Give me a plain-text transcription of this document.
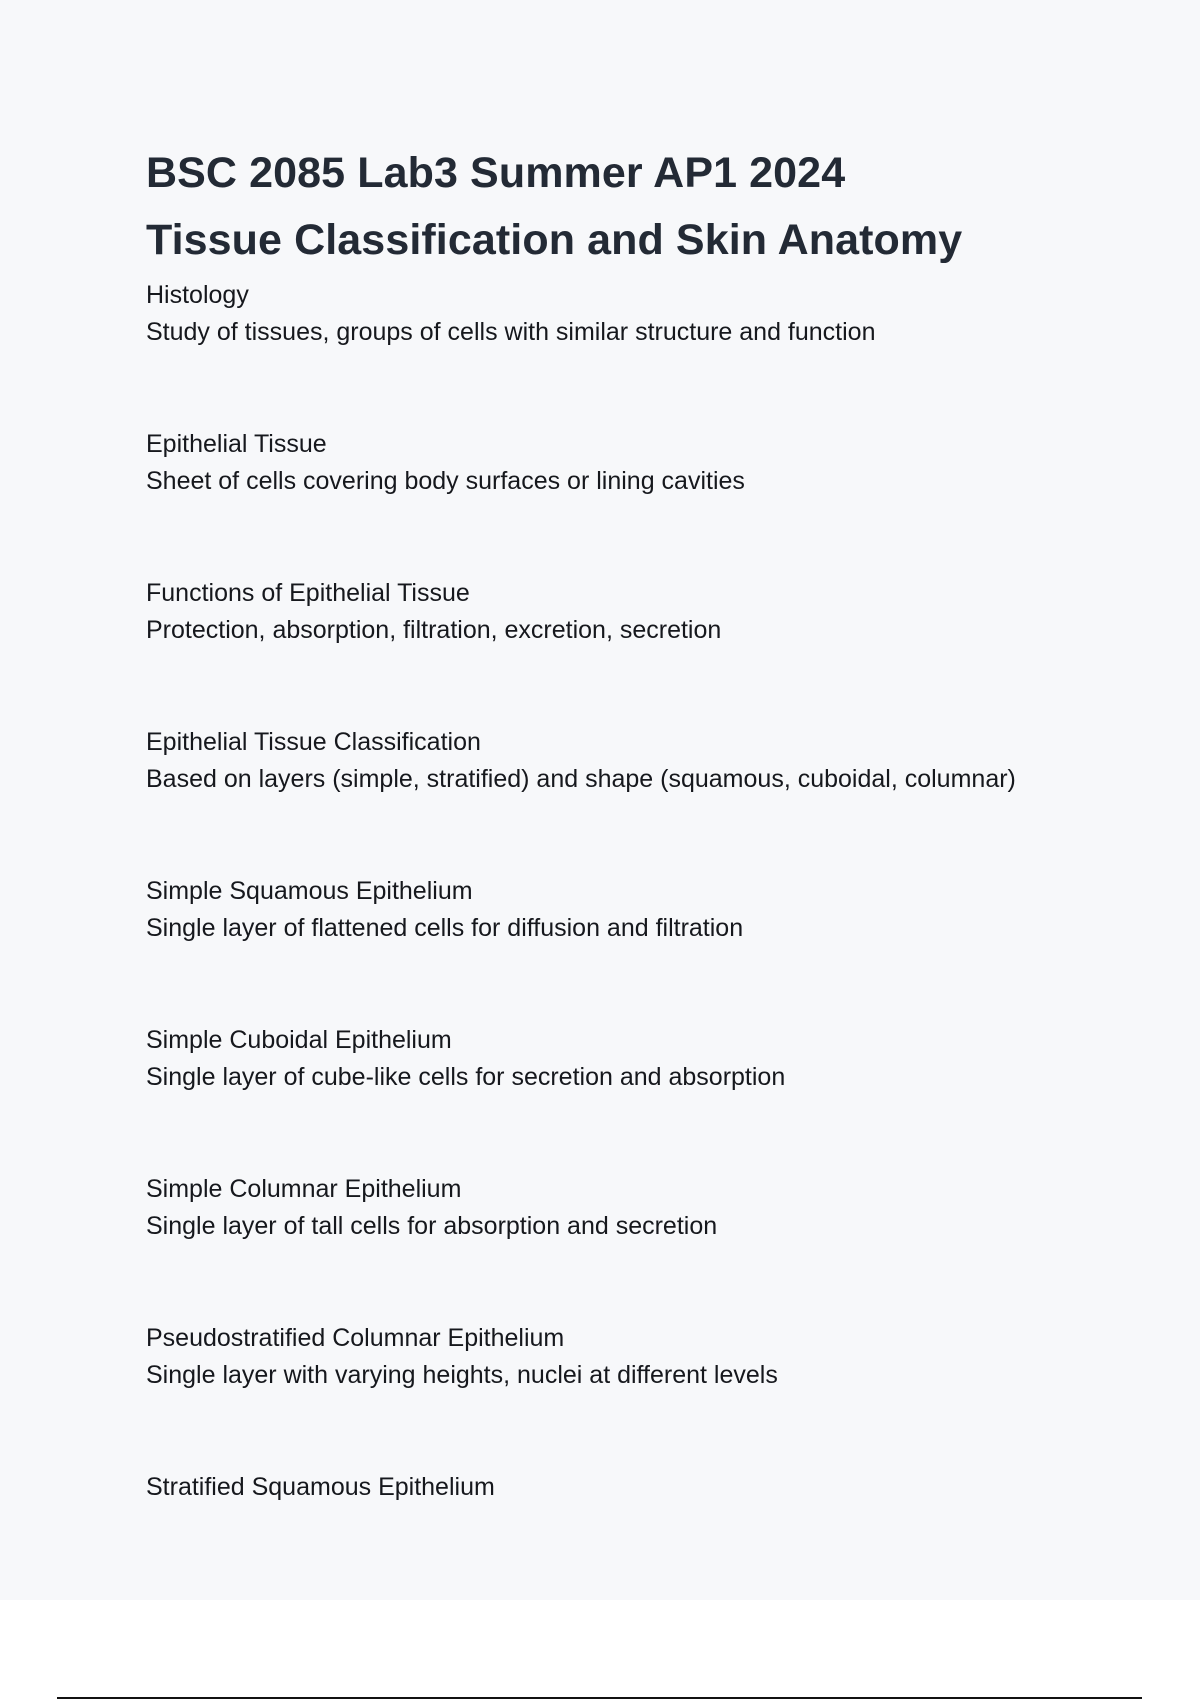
BSC 2085 Lab3 Summer AP1 2024
Tissue Classification and Skin Anatomy
Histology
Study of tissues, groups of cells with similar structure and function
Epithelial Tissue
Sheet of cells covering body surfaces or lining cavities
Functions of Epithelial Tissue
Protection, absorption, filtration, excretion, secretion
Epithelial Tissue Classification
Based on layers (simple, stratified) and shape (squamous, cuboidal, columnar)
Simple Squamous Epithelium
Single layer of flattened cells for diffusion and filtration
Simple Cuboidal Epithelium
Single layer of cube-like cells for secretion and absorption
Simple Columnar Epithelium
Single layer of tall cells for absorption and secretion
Pseudostratified Columnar Epithelium
Single layer with varying heights, nuclei at different levels
Stratified Squamous Epithelium
